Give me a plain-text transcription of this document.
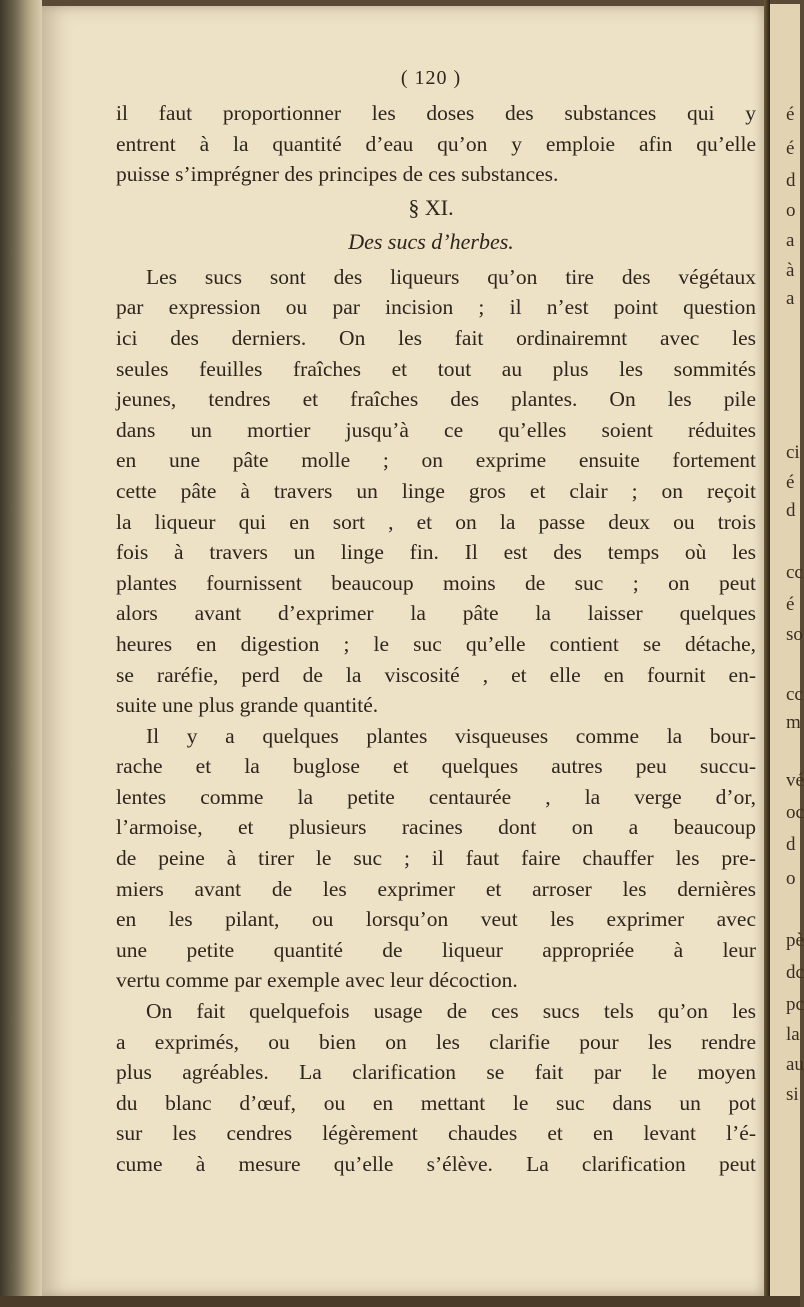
é
é
d
o
a
à
a
ci
é
d
cc
é
so
cc
m
vé
oc
d
o
pè
dc
pc
la
au
si
( 120 )
il faut proportionner les doses des substances qui y
entrent à la quantité d’eau qu’on y emploie afin qu’elle
puisse s’imprégner des principes de ces substances.
§ XI.
Des sucs d’herbes.
Les sucs sont des liqueurs qu’on tire des végétaux
par expression ou par incision ; il n’est point question
ici des derniers. On les fait ordinairemnt avec les
seules feuilles fraîches et tout au plus les sommités
jeunes, tendres et fraîches des plantes. On les pile
dans un mortier jusqu’à ce qu’elles soient réduites
en une pâte molle ; on exprime ensuite fortement
cette pâte à travers un linge gros et clair ; on reçoit
la liqueur qui en sort , et on la passe deux ou trois
fois à travers un linge fin. Il est des temps où les
plantes fournissent beaucoup moins de suc ; on peut
alors avant d’exprimer la pâte la laisser quelques
heures en digestion ; le suc qu’elle contient se détache,
se raréfie, perd de la viscosité , et elle en fournit en-
suite une plus grande quantité.
Il y a quelques plantes visqueuses comme la bour-
rache et la buglose et quelques autres peu succu-
lentes comme la petite centaurée , la verge d’or,
l’armoise, et plusieurs racines dont on a beaucoup
de peine à tirer le suc ; il faut faire chauffer les pre-
miers avant de les exprimer et arroser les dernières
en les pilant, ou lorsqu’on veut les exprimer avec
une petite quantité de liqueur appropriée à leur
vertu comme par exemple avec leur décoction.
On fait quelquefois usage de ces sucs tels qu’on les
a exprimés, ou bien on les clarifie pour les rendre
plus agréables. La clarification se fait par le moyen
du blanc d’œuf, ou en mettant le suc dans un pot
sur les cendres légèrement chaudes et en levant l’é-
cume à mesure qu’elle s’élève. La clarification peut
